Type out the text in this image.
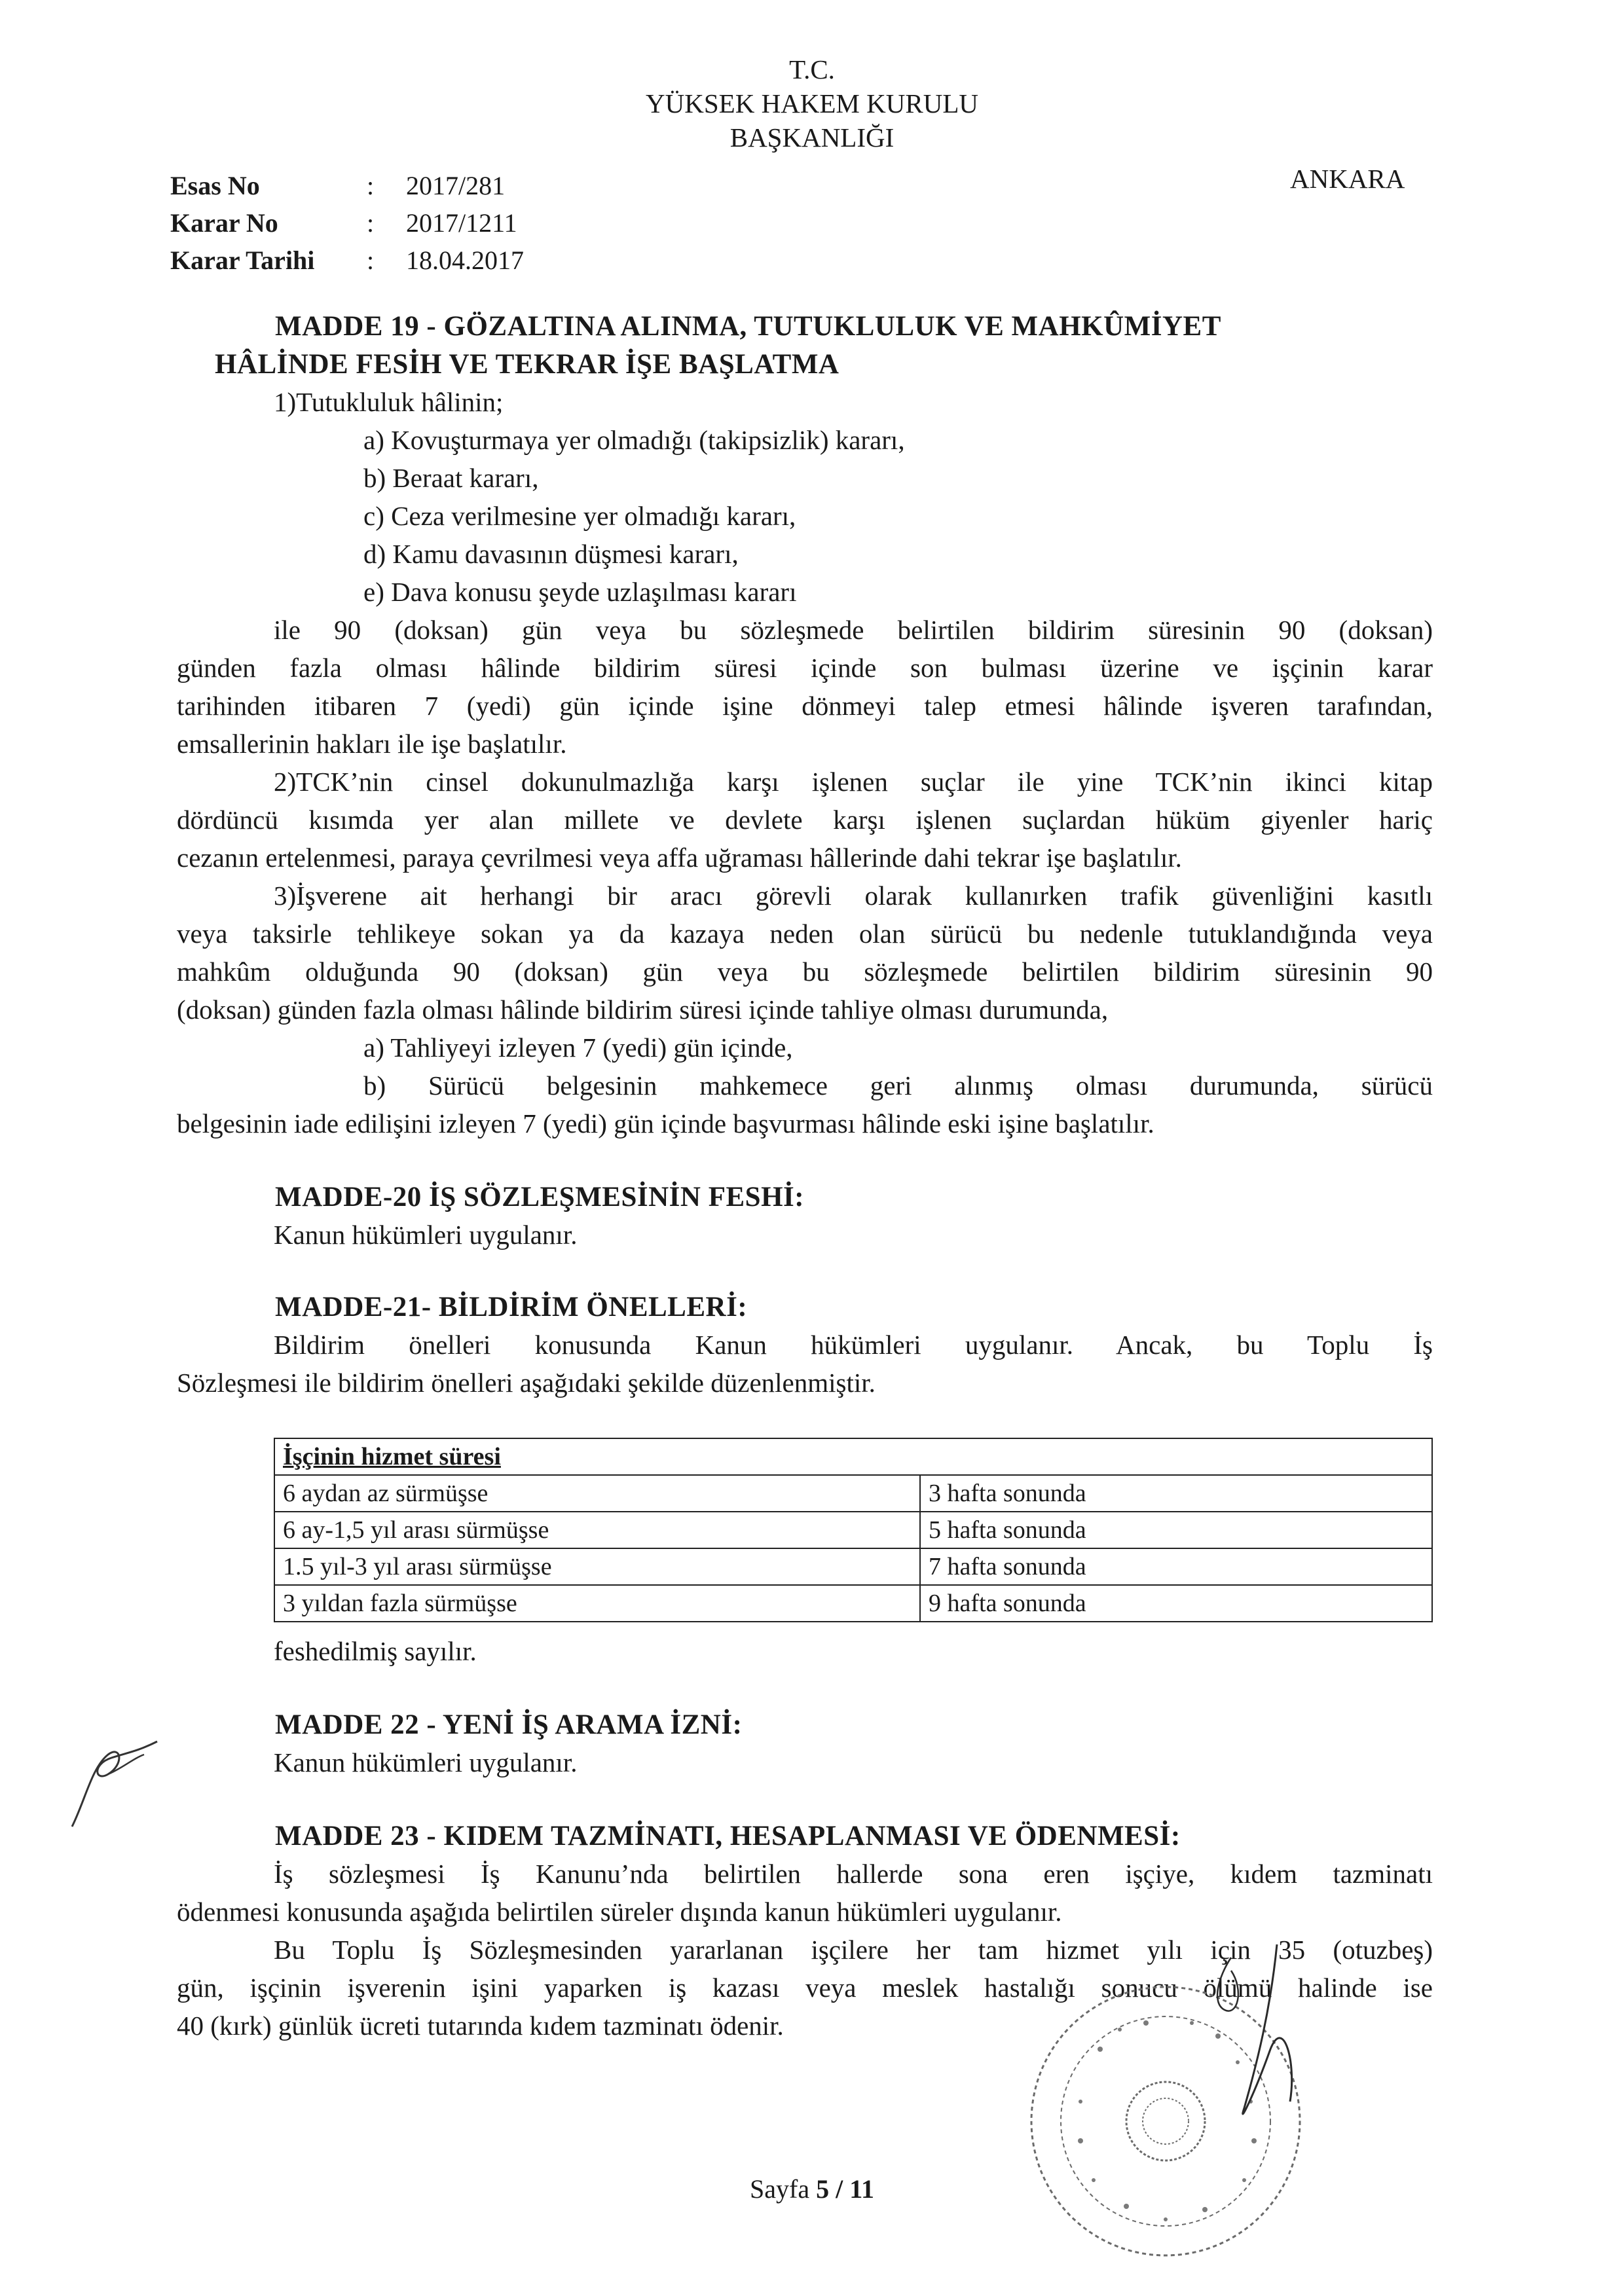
T.C.
YÜKSEK HAKEM KURULU
BAŞKANLIĞI
Esas No	:	2017/281
Karar No	:	2017/1211
Karar Tarihi	:	18.04.2017
ANKARA
MADDE 19 - GÖZALTINA ALINMA, TUTUKLULUK VE MAHKÛMİYET
HÂLİNDE FESİH VE TEKRAR İŞE BAŞLATMA
1)Tutukluluk hâlinin;
a) Kovuşturmaya yer olmadığı (takipsizlik) kararı,
b) Beraat kararı,
c) Ceza verilmesine yer olmadığı kararı,
d) Kamu davasının düşmesi kararı,
e) Dava konusu şeyde uzlaşılması kararı
ile 90 (doksan) gün veya bu sözleşmede belirtilen bildirim süresinin 90 (doksan)
günden fazla olması hâlinde bildirim süresi içinde son bulması üzerine ve işçinin karar
tarihinden itibaren 7 (yedi) gün içinde işine dönmeyi talep etmesi hâlinde işveren tarafından,
emsallerinin hakları ile işe başlatılır.
2)TCK’nin cinsel dokunulmazlığa karşı işlenen suçlar ile yine TCK’nin ikinci kitap
dördüncü kısımda yer alan millete ve devlete karşı işlenen suçlardan hüküm giyenler hariç
cezanın ertelenmesi, paraya çevrilmesi veya affa uğraması hâllerinde dahi tekrar işe başlatılır.
3)İşverene ait herhangi bir aracı görevli olarak kullanırken trafik güvenliğini kasıtlı
veya taksirle tehlikeye sokan ya da kazaya neden olan sürücü bu nedenle tutuklandığında veya
mahkûm olduğunda 90 (doksan) gün veya bu sözleşmede belirtilen bildirim süresinin 90
(doksan) günden fazla olması hâlinde bildirim süresi içinde tahliye olması durumunda,
a) Tahliyeyi izleyen 7 (yedi) gün içinde,
b) Sürücü belgesinin mahkemece geri alınmış olması durumunda, sürücü
belgesinin iade edilişini izleyen 7 (yedi) gün içinde başvurması hâlinde eski işine başlatılır.
MADDE-20 İŞ SÖZLEŞMESİNİN FESHİ:
Kanun hükümleri uygulanır.
MADDE-21- BİLDİRİM ÖNELLERİ:
Bildirim önelleri konusunda Kanun hükümleri uygulanır. Ancak, bu Toplu İş
Sözleşmesi ile bildirim önelleri aşağıdaki şekilde düzenlenmiştir.
İşçinin hizmet süresi	
6 aydan az sürmüşse	3 hafta sonunda
6 ay-1,5 yıl arası sürmüşse	5 hafta sonunda
1.5 yıl-3 yıl arası sürmüşse	7 hafta sonunda
3 yıldan fazla sürmüşse	9 hafta sonunda
feshedilmiş sayılır.
MADDE 22 - YENİ İŞ ARAMA İZNİ:
Kanun hükümleri uygulanır.
MADDE 23 - KIDEM TAZMİNATI, HESAPLANMASI VE ÖDENMESİ:
İş sözleşmesi İş Kanunu’nda belirtilen hallerde sona eren işçiye, kıdem tazminatı
ödenmesi konusunda aşağıda belirtilen süreler dışında kanun hükümleri uygulanır.
Bu Toplu İş Sözleşmesinden yararlanan işçilere her tam hizmet yılı için 35 (otuzbeş)
gün, işçinin işverenin işini yaparken iş kazası veya meslek hastalığı sonucu ölümü halinde ise
40 (kırk) günlük ücreti tutarında kıdem tazminatı ödenir.
Sayfa 5 / 11
